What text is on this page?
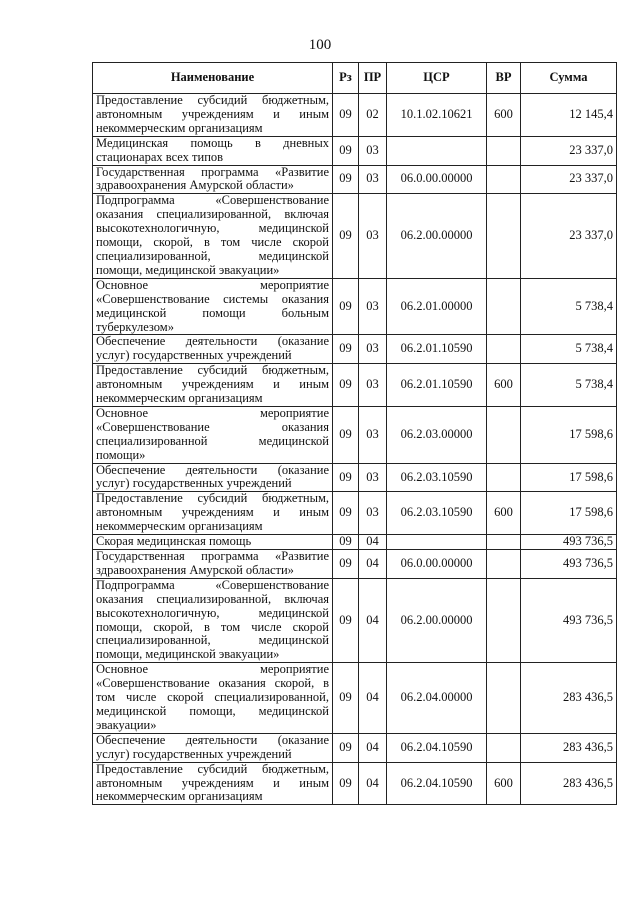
100
Наименование	Рз	ПР	ЦСР	ВР	Сумма
Предоставление субсидий бюджетным, автономным учреждениям и иным некоммерческим организациям	09	02	10.1.02.10621	600	12 145,4
Медицинская помощь в дневных стационарах всех типов	09	03			23 337,0
Государственная программа «Развитие здравоохранения Амурской области»	09	03	06.0.00.00000		23 337,0
Подпрограмма «Совершенствование оказания специализированной, включая высокотехнологичную, медицинской помощи, скорой, в том числе скорой специализированной, медицинской помощи, медицинской эвакуации»	09	03	06.2.00.00000		23 337,0
Основное мероприятие «Совершенствование системы оказания медицинской помощи больным туберкулезом»	09	03	06.2.01.00000		5 738,4
Обеспечение деятельности (оказание услуг) государственных учреждений	09	03	06.2.01.10590		5 738,4
Предоставление субсидий бюджетным, автономным учреждениям и иным некоммерческим организациям	09	03	06.2.01.10590	600	5 738,4
Основное мероприятие «Совершенствование оказания специализированной медицинской помощи»	09	03	06.2.03.00000		17 598,6
Обеспечение деятельности (оказание услуг) государственных учреждений	09	03	06.2.03.10590		17 598,6
Предоставление субсидий бюджетным, автономным учреждениям и иным некоммерческим организациям	09	03	06.2.03.10590	600	17 598,6
Скорая медицинская помощь	09	04			493 736,5
Государственная программа «Развитие здравоохранения Амурской области»	09	04	06.0.00.00000		493 736,5
Подпрограмма «Совершенствование оказания специализированной, включая высокотехнологичную, медицинской помощи, скорой, в том числе скорой специализированной, медицинской помощи, медицинской эвакуации»	09	04	06.2.00.00000		493 736,5
Основное мероприятие «Совершенствование оказания скорой, в том числе скорой специализированной, медицинской помощи, медицинской эвакуации»	09	04	06.2.04.00000		283 436,5
Обеспечение деятельности (оказание услуг) государственных учреждений	09	04	06.2.04.10590		283 436,5
Предоставление субсидий бюджетным, автономным учреждениям и иным некоммерческим организациям	09	04	06.2.04.10590	600	283 436,5
